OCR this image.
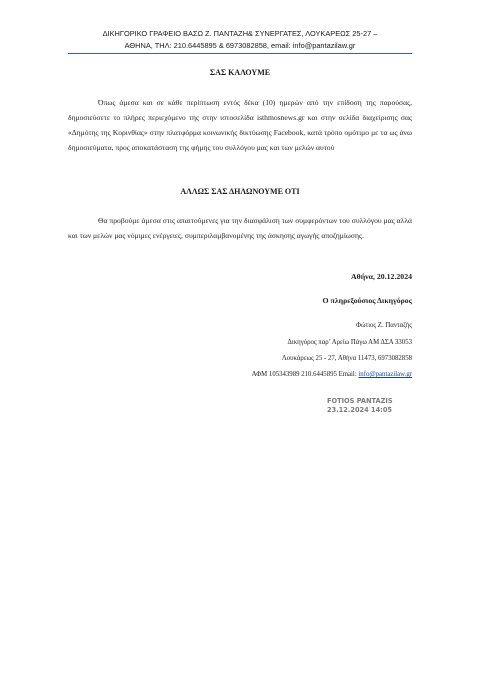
ΔΙΚΗΓΟΡΙΚΟ ΓΡΑΦΕΙΟ ΒΑΣΩ Ζ. ΠΑΝΤΑΖΗ& ΣΥΝΕΡΓΑΤΕΣ, ΛΟΥΚΑΡΕΩΣ 25-27 –
ΑΘΗΝΑ, ΤΗΛ: 210.6445895 & 6973082858, email: info@pantazilaw.gr
ΣΑΣ ΚΑΛΟΥΜΕ
Όπως άμεσα και σε κάθε περίπτωση εντός δέκα (10) ημερών από την επίδοση της παρούσας, δημοσιεύσετε το πλήρες περιεχόμενο της στην ιστοσελίδα isthmosnews.gr και στην σελίδα διαχείρισης σας «Δημότης της Κορινθίας» στην πλατφόρμα κοινωνικής δικτύωσης Facebook, κατά τρόπο ομότιμο με τα ως άνω δημοσιεύματα, προς αποκατάσταση της φήμης του συλλόγου μας και των μελών αυτού
ΑΛΛΩΣ ΣΑΣ ΔΗΛΩΝΟΥΜΕ ΟΤΙ
Θα προβούμε άμεσα στις απαιτούμενες για την διασφάλιση των συμφερόντων του συλλόγου μας αλλά και των μελών μας νόμιμες ενέργειες, συμπεριλαμβανομένης της άσκησης αγωγής αποζημίωσης.
Αθήνα, 20.12.2024
Ο πληρεξούσιος Δικηγόρος
Φώτιος Ζ. Πανταζής
Δικηγόρος παρ’ Αρείω Πάγω ΑΜ ΔΣΑ 33053
Λουκάρεως 25 - 27, Αθήνα 11473, 6973082858
ΑΦΜ 105343989 210.6445895 Email: info@pantazilaw.gr
FOTIOS PANTAZIS
23.12.2024 14:05
